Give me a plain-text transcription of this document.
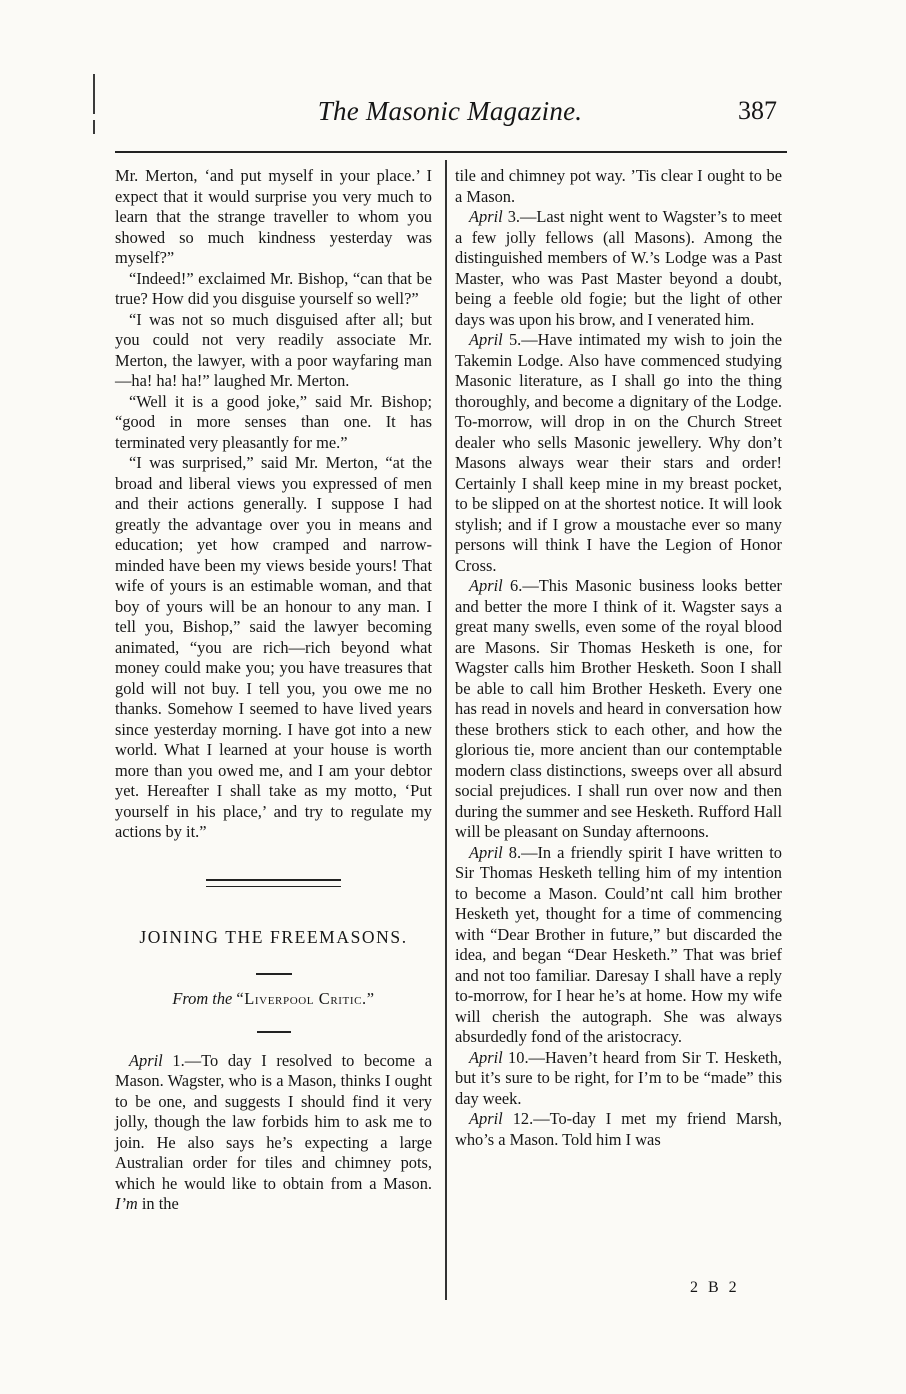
The Masonic Magazine.	387

Mr. Merton, ‘and put myself in your place.’ I expect that it would surprise you very much to learn that the strange traveller to whom you showed so much kindness yesterday was myself?”

“Indeed!” exclaimed Mr. Bishop, “can that be true? How did you disguise yourself so well?”

“I was not so much disguised after all; but you could not very readily associate Mr. Merton, the lawyer, with a poor wayfaring man—ha! ha! ha!” laughed Mr. Merton.

“Well it is a good joke,” said Mr. Bishop; “good in more senses than one. It has terminated very pleasantly for me.”

“I was surprised,” said Mr. Merton, “at the broad and liberal views you expressed of men and their actions generally. I suppose I had greatly the advantage over you in means and education; yet how cramped and narrow-minded have been my views beside yours! That wife of yours is an estimable woman, and that boy of yours will be an honour to any man. I tell you, Bishop,” said the lawyer becoming animated, “you are rich—rich beyond what money could make you; you have treasures that gold will not buy. I tell you, you owe me no thanks. Somehow I seemed to have lived years since yesterday morning. I have got into a new world. What I learned at your house is worth more than you owed me, and I am your debtor yet. Hereafter I shall take as my motto, ‘Put yourself in his place,’ and try to regulate my actions by it.”

JOINING THE FREEMASONS.
From the “Liverpool Critic.”

April 1.—To day I resolved to become a Mason. Wagster, who is a Mason, thinks I ought to be one, and suggests I should find it very jolly, though the law forbids him to ask me to join. He also says he’s expecting a large Australian order for tiles and chimney pots, which he would like to obtain from a Mason. I’m in the

tile and chimney pot way. ’Tis clear I ought to be a Mason.

April 3.—Last night went to Wagster’s to meet a few jolly fellows (all Masons). Among the distinguished members of W.’s Lodge was a Past Master, who was Past Master beyond a doubt, being a feeble old fogie; but the light of other days was upon his brow, and I venerated him.

April 5.—Have intimated my wish to join the Takemin Lodge. Also have commenced studying Masonic literature, as I shall go into the thing thoroughly, and become a dignitary of the Lodge. To-morrow, will drop in on the Church Street dealer who sells Masonic jewellery. Why don’t Masons always wear their stars and order! Certainly I shall keep mine in my breast pocket, to be slipped on at the shortest notice. It will look stylish; and if I grow a moustache ever so many persons will think I have the Legion of Honor Cross.

April 6.—This Masonic business looks better and better the more I think of it. Wagster says a great many swells, even some of the royal blood are Masons. Sir Thomas Hesketh is one, for Wagster calls him Brother Hesketh. Soon I shall be able to call him Brother Hesketh. Every one has read in novels and heard in conversation how these brothers stick to each other, and how the glorious tie, more ancient than our contemptable modern class distinctions, sweeps over all absurd social prejudices. I shall run over now and then during the summer and see Hesketh. Rufford Hall will be pleasant on Sunday afternoons.

April 8.—In a friendly spirit I have written to Sir Thomas Hesketh telling him of my intention to become a Mason. Could’nt call him brother Hesketh yet, thought for a time of commencing with “Dear Brother in future,” but discarded the idea, and began “Dear Hesketh.” That was brief and not too familiar. Daresay I shall have a reply to-morrow, for I hear he’s at home. How my wife will cherish the autograph. She was always absurdedly fond of the aristocracy.

April 10.—Haven’t heard from Sir T. Hesketh, but it’s sure to be right, for I’m to be “made” this day week.

April 12.—To-day I met my friend Marsh, who’s a Mason. Told him I was

2 B 2
